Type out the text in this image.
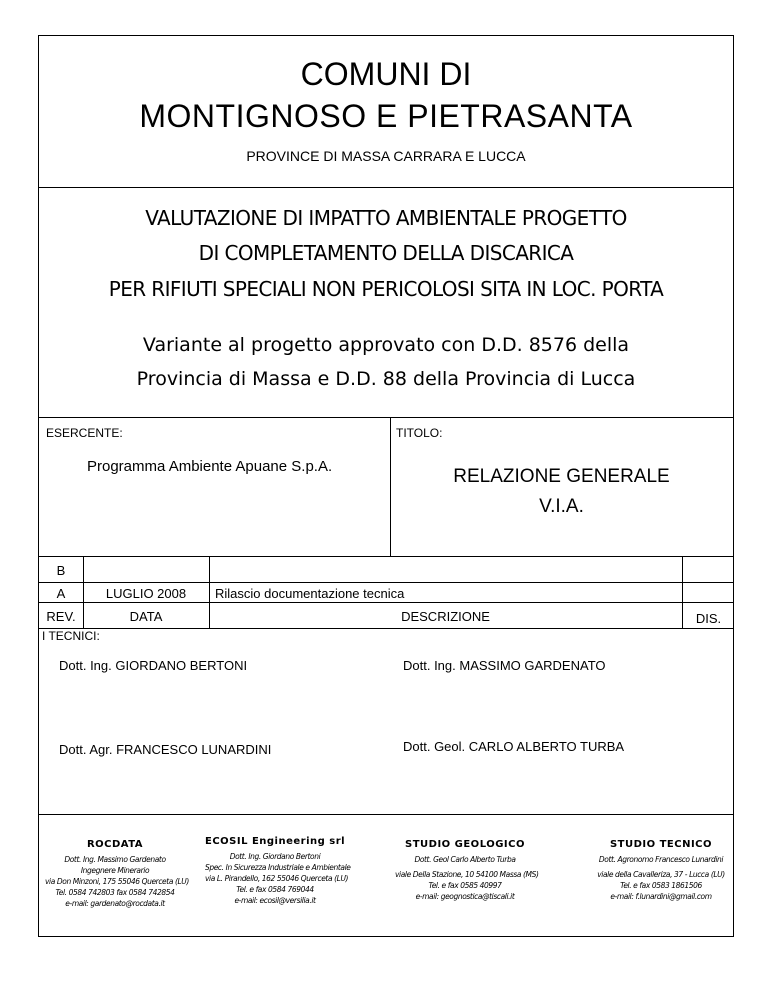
COMUNI DI
MONTIGNOSO E PIETRASANTA
PROVINCE DI MASSA CARRARA E LUCCA
VALUTAZIONE DI IMPATTO AMBIENTALE PROGETTO
DI COMPLETAMENTO DELLA DISCARICA
PER RIFIUTI SPECIALI NON PERICOLOSI SITA IN LOC. PORTA
Variante al progetto approvato con D.D. 8576 della
Provincia di Massa e D.D. 88 della Provincia di Lucca
ESERCENTE:
Programma Ambiente Apuane S.p.A.
TITOLO:
RELAZIONE GENERALE
V.I.A.
B
A	LUGLIO 2008	Rilascio documentazione tecnica
REV.	DATA	DESCRIZIONE	DIS.
I TECNICI:
Dott. Ing. GIORDANO BERTONI	Dott. Ing. MASSIMO GARDENATO
Dott. Agr. FRANCESCO LUNARDINI	Dott. Geol. CARLO ALBERTO TURBA
ROCDATA
Dott. Ing. Massimo Gardenato
Ingegnere Minerario
via Don Minzoni, 175 55046 Querceta (LU)
Tel. 0584 742803 fax 0584 742854
e-mail: gardenato@rocdata.it
ECOSIL Engineering srl
Dott. Ing. Giordano Bertoni
Spec. In Sicurezza Industriale e Ambientale
via L. Pirandello, 162 55046 Querceta (LU)
Tel. e fax 0584 769044
e-mail: ecosil@versilia.it
STUDIO GEOLOGICO
Dott. Geol Carlo Alberto Turba
viale Della Stazione, 10 54100 Massa (MS)
Tel. e fax 0585 40997
e-mail: geognostica@tiscali.it
STUDIO TECNICO
Dott. Agronomo Francesco Lunardini
viale della Cavalleriza, 37 - Lucca (LU)
Tel. e fax 0583 1861506
e-mail: f.lunardini@gmail.com
